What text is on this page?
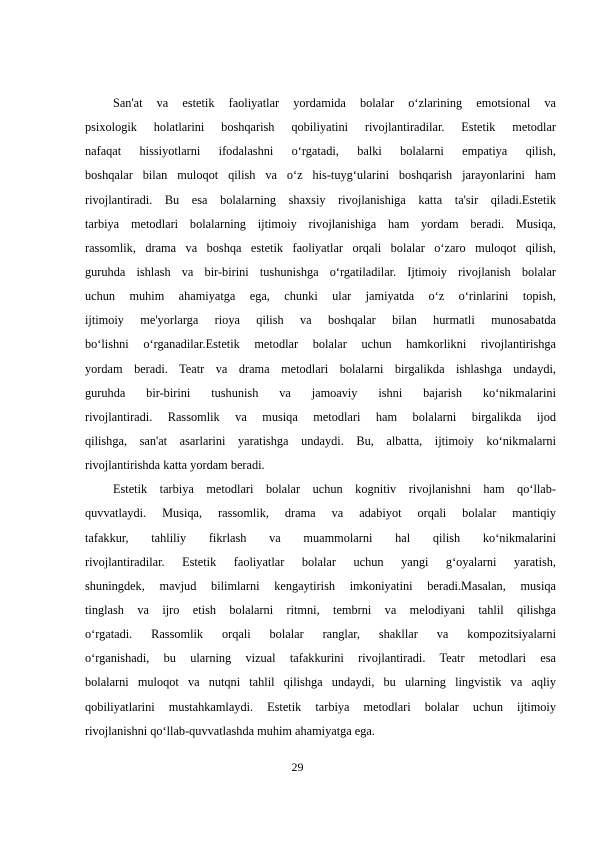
San'at va estetik faoliyatlar yordamida bolalar o‘zlarining emotsional va
psixologik holatlarini boshqarish qobiliyatini rivojlantiradilar. Estetik metodlar
nafaqat hissiyotlarni ifodalashni o‘rgatadi, balki bolalarni empatiya qilish,
boshqalar bilan muloqot qilish va o‘z his-tuyg‘ularini boshqarish jarayonlarini ham
rivojlantiradi. Bu esa bolalarning shaxsiy rivojlanishiga katta ta'sir qiladi.Estetik
tarbiya metodlari bolalarning ijtimoiy rivojlanishiga ham yordam beradi. Musiqa,
rassomlik, drama va boshqa estetik faoliyatlar orqali bolalar o‘zaro muloqot qilish,
guruhda ishlash va bir-birini tushunishga o‘rgatiladilar. Ijtimoiy rivojlanish bolalar
uchun muhim ahamiyatga ega, chunki ular jamiyatda o‘z o‘rinlarini topish,
ijtimoiy me'yorlarga rioya qilish va boshqalar bilan hurmatli munosabatda
bo‘lishni o‘rganadilar.Estetik metodlar bolalar uchun hamkorlikni rivojlantirishga
yordam beradi. Teatr va drama metodlari bolalarni birgalikda ishlashga undaydi,
guruhda bir-birini tushunish va jamoaviy ishni bajarish ko‘nikmalarini
rivojlantiradi. Rassomlik va musiqa metodlari ham bolalarni birgalikda ijod
qilishga, san'at asarlarini yaratishga undaydi. Bu, albatta, ijtimoiy ko‘nikmalarni
rivojlantirishda katta yordam beradi.
Estetik tarbiya metodlari bolalar uchun kognitiv rivojlanishni ham qo‘llab-
quvvatlaydi. Musiqa, rassomlik, drama va adabiyot orqali bolalar mantiqiy
tafakkur, tahliliy fikrlash va muammolarni hal qilish ko‘nikmalarini
rivojlantiradilar. Estetik faoliyatlar bolalar uchun yangi g‘oyalarni yaratish,
shuningdek, mavjud bilimlarni kengaytirish imkoniyatini beradi.Masalan, musiqa
tinglash va ijro etish bolalarni ritmni, tembrni va melodiyani tahlil qilishga
o‘rgatadi. Rassomlik orqali bolalar ranglar, shakllar va kompozitsiyalarni
o‘rganishadi, bu ularning vizual tafakkurini rivojlantiradi. Teatr metodlari esa
bolalarni muloqot va nutqni tahlil qilishga undaydi, bu ularning lingvistik va aqliy
qobiliyatlarini mustahkamlaydi. Estetik tarbiya metodlari bolalar uchun ijtimoiy
rivojlanishni qo‘llab-quvvatlashda muhim ahamiyatga ega.
29
